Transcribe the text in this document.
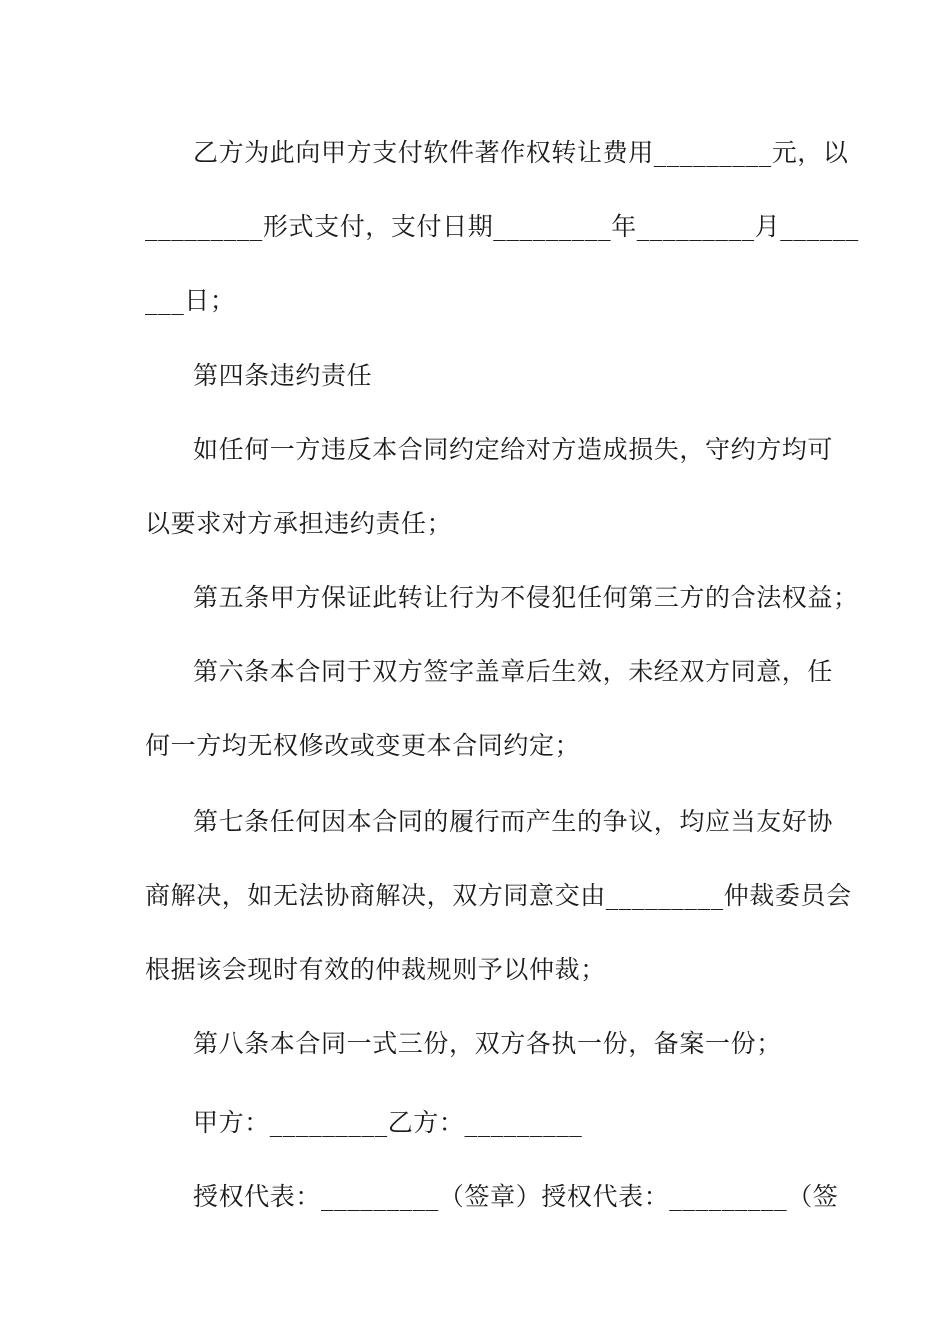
乙方为此向甲方支付软件著作权转让费用_________元，以
_________形式支付，支付日期_________年_________月______
___日；
第四条违约责任
如任何一方违反本合同约定给对方造成损失，守约方均可
以要求对方承担违约责任；
第五条甲方保证此转让行为不侵犯任何第三方的合法权益；
第六条本合同于双方签字盖章后生效，未经双方同意，任
何一方均无权修改或变更本合同约定；
第七条任何因本合同的履行而产生的争议，均应当友好协
商解决，如无法协商解决，双方同意交由_________仲裁委员会
根据该会现时有效的仲裁规则予以仲裁；
第八条本合同一式三份，双方各执一份，备案一份；
甲方：_________乙方：_________
授权代表：_________（签章）授权代表：_________（签
